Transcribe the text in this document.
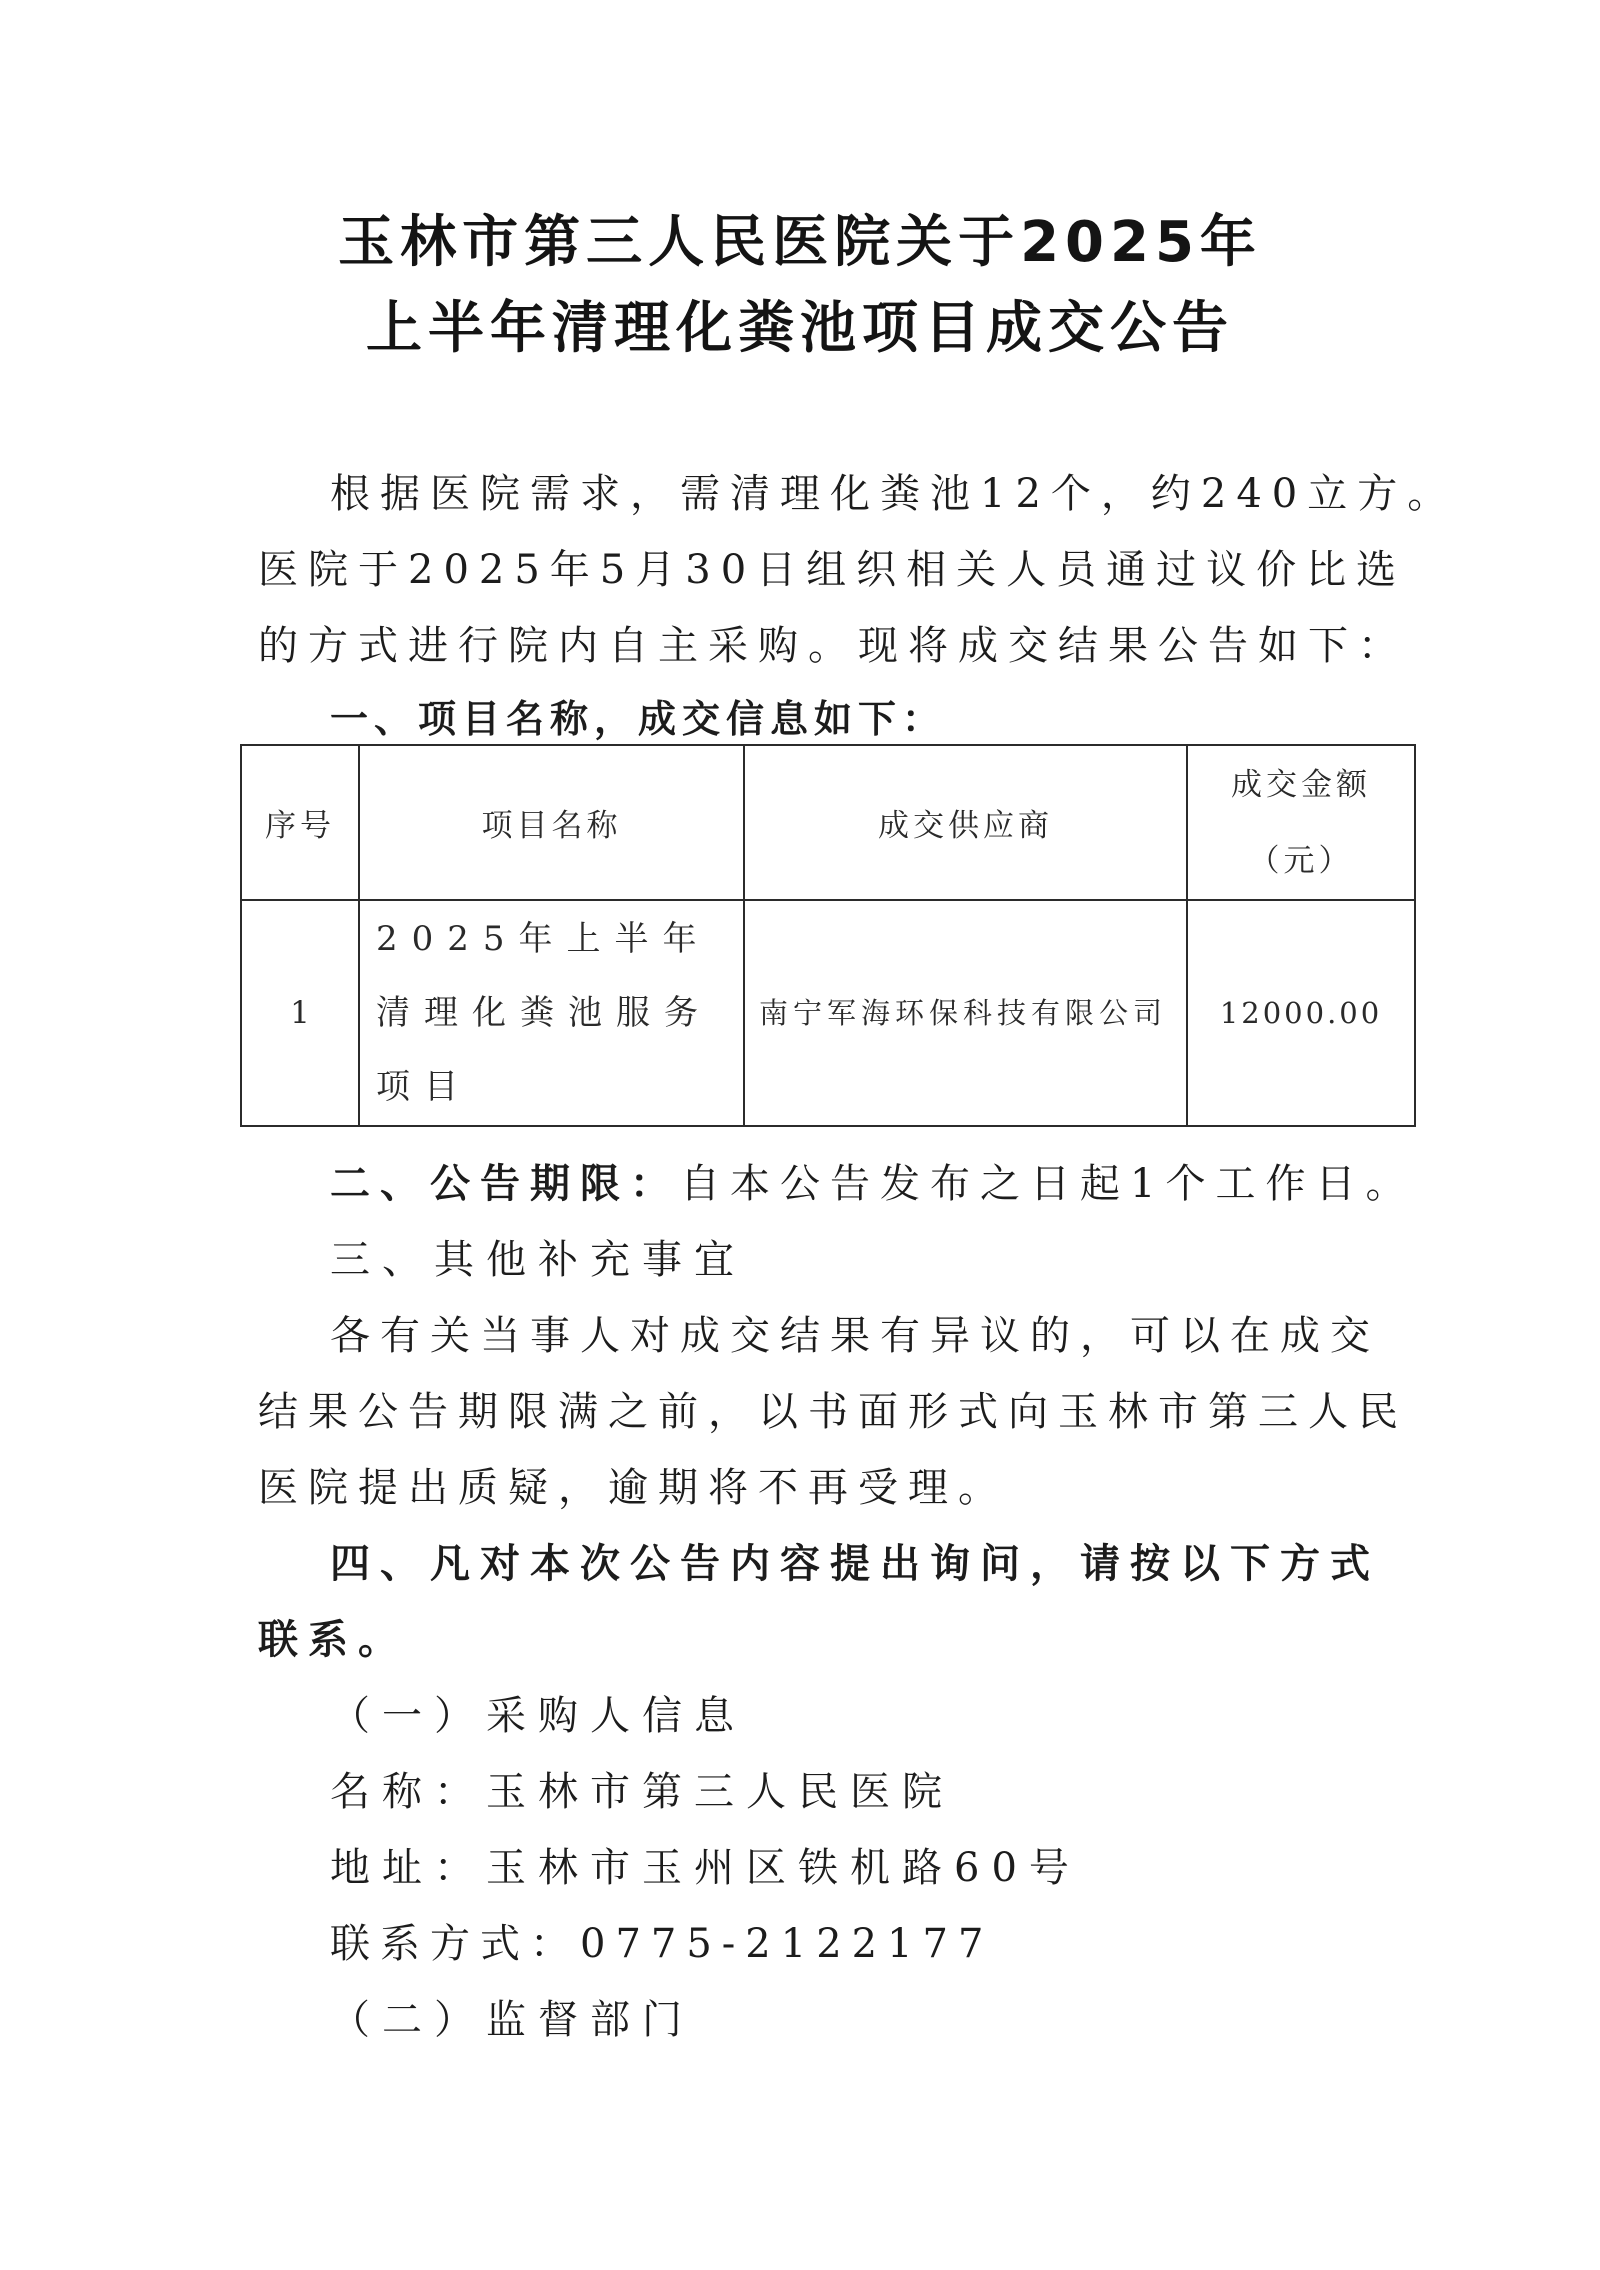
玉林市第三人民医院关于2025年
上半年清理化粪池项目成交公告
根据医院需求，需清理化粪池12个，约240立方。
医院于2025年5月30日组织相关人员通过议价比选
的方式进行院内自主采购。现将成交结果公告如下：
一、项目名称，成交信息如下：
序号	项目名称	成交供应商	成交金额
（元）

1	2025年上半年清理化粪池服务项目	南宁军海环保科技有限公司	12000.00
二、公告期限：自本公告发布之日起1个工作日。
三、其他补充事宜
各有关当事人对成交结果有异议的，可以在成交
结果公告期限满之前，以书面形式向玉林市第三人民
医院提出质疑，逾期将不再受理。
四、凡对本次公告内容提出询问，请按以下方式
联系。
（一）采购人信息
名称：玉林市第三人民医院
地址：玉林市玉州区铁机路60号
联系方式：0775-2122177
（二）监督部门
